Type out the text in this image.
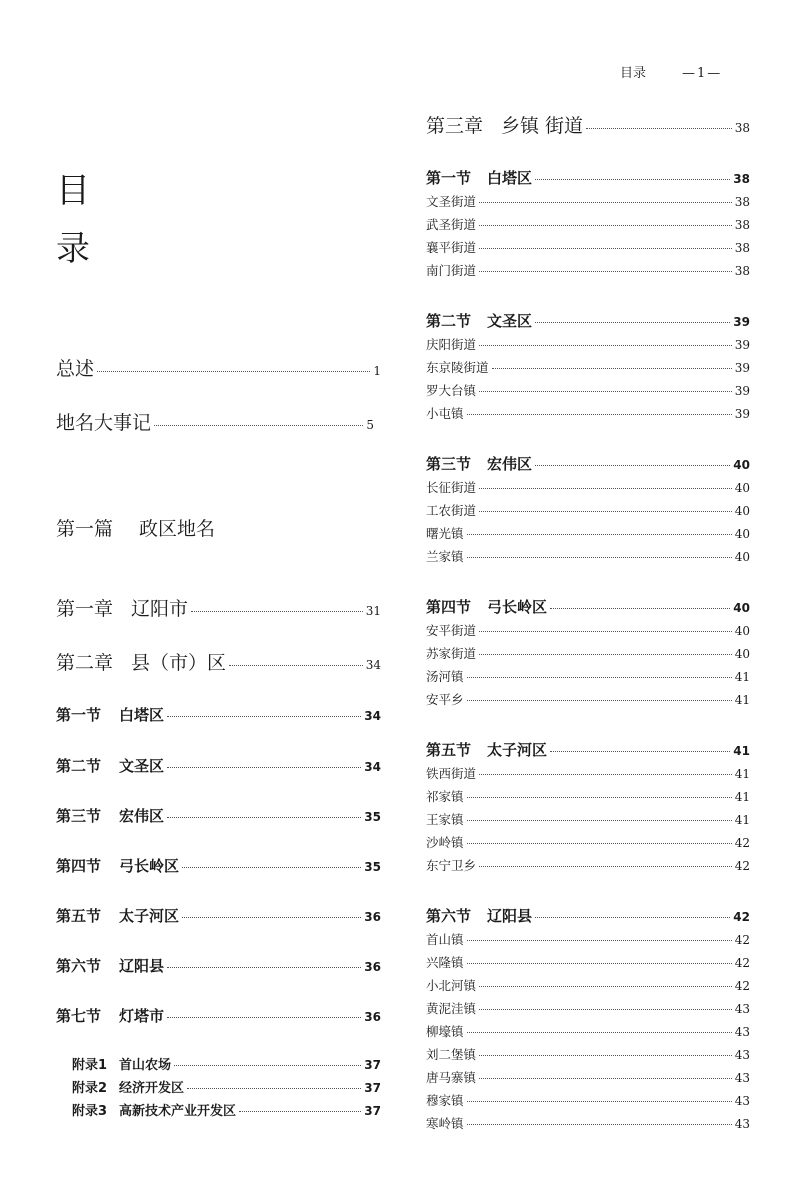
目录	—1—
目
录
总述	1
地名大事记	5
第一篇 政区地名
第一章 辽阳市	31
第二章 县（市）区	34
第一节 白塔区	34
第二节 文圣区	34
第三节 宏伟区	35
第四节 弓长岭区	35
第五节 太子河区	36
第六节 辽阳县	36
第七节 灯塔市	36
附录1 首山农场	37
附录2 经济开发区	37
附录3 高新技术产业开发区	37
第三章 乡镇 街道	38
第一节 白塔区	38
文圣街道	38
武圣街道	38
襄平街道	38
南门街道	38
第二节 文圣区	39
庆阳街道	39
东京陵街道	39
罗大台镇	39
小屯镇	39
第三节 宏伟区	40
长征街道	40
工农街道	40
曙光镇	40
兰家镇	40
第四节 弓长岭区	40
安平街道	40
苏家街道	40
汤河镇	41
安平乡	41
第五节 太子河区	41
铁西街道	41
祁家镇	41
王家镇	41
沙岭镇	42
东宁卫乡	42
第六节 辽阳县	42
首山镇	42
兴隆镇	42
小北河镇	42
黄泥洼镇	43
柳壕镇	43
刘二堡镇	43
唐马寨镇	43
穆家镇	43
寒岭镇	43
